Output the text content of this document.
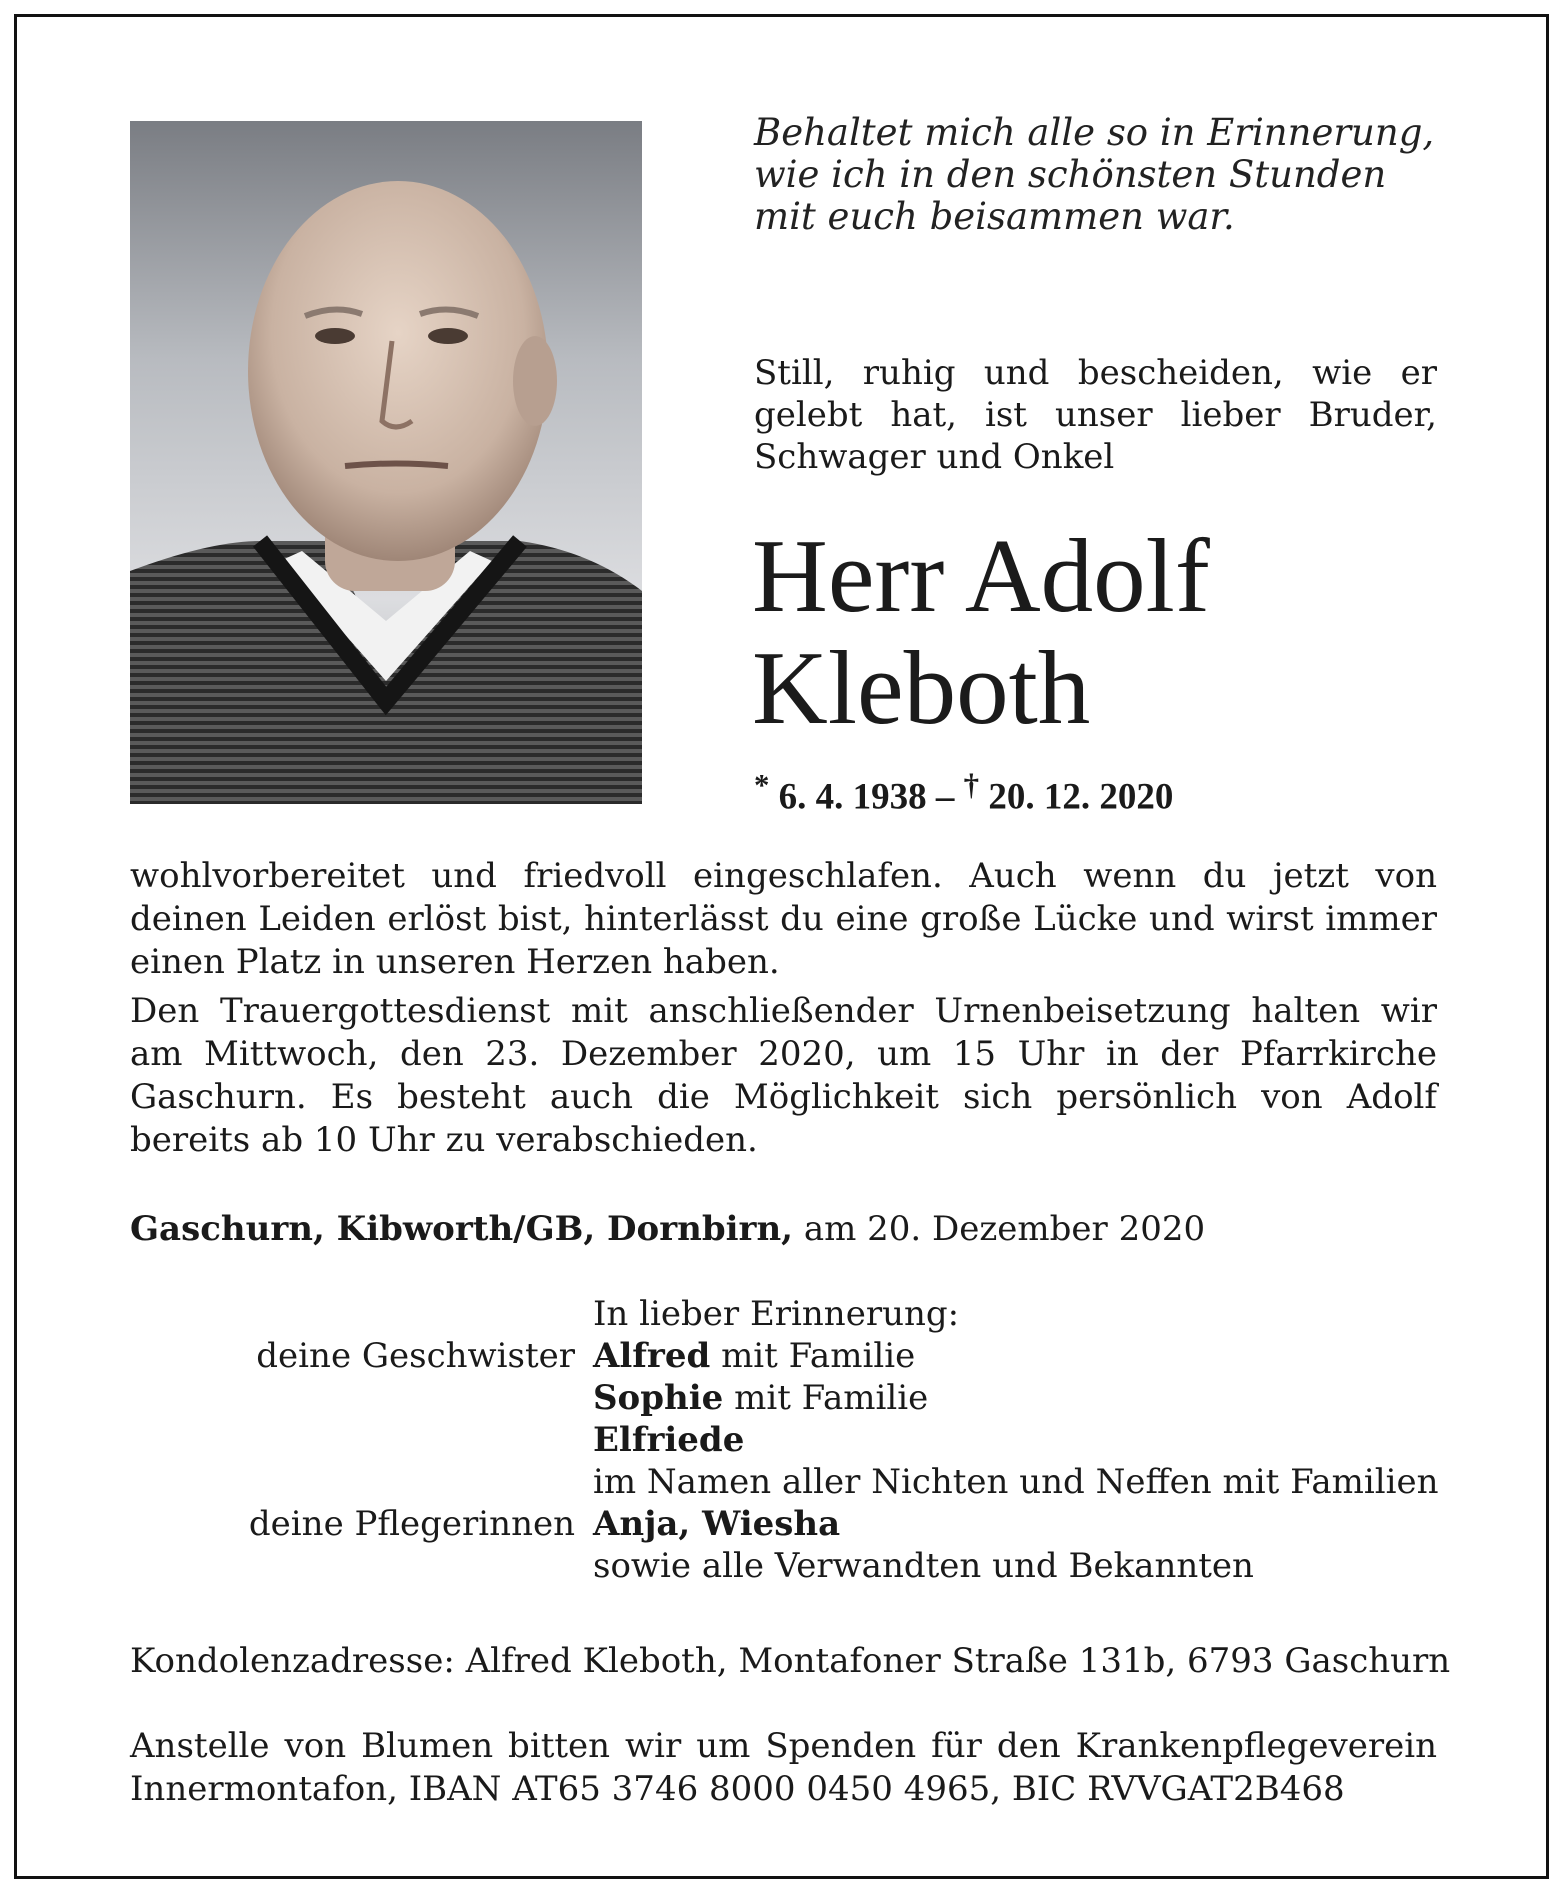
Behaltet mich alle so in Erinnerung,
wie ich in den schönsten Stunden
mit euch beisammen war.
Still, ruhig und bescheiden, wie er gelebt hat, ist unser lieber Bruder, Schwager und Onkel
Herr Adolf
Kleboth
* 6. 4. 1938 – † 20. 12. 2020

wohlvorbereitet und friedvoll eingeschlafen. Auch wenn du jetzt von deinen Leiden erlöst bist, hinterlässt du eine große Lücke und wirst immer einen Platz in unseren Herzen haben.

Den Trauergottesdienst mit anschließender Urnenbeisetzung halten wir am Mittwoch, den 23. Dezember 2020, um 15 Uhr in der Pfarrkirche Gaschurn. Es besteht auch die Möglichkeit sich persönlich von Adolf bereits ab 10 Uhr zu verabschieden.

Gaschurn, Kibworth/GB, Dornbirn, am 20. Dezember 2020

deine Geschwister

deine Pflegerinnen
In lieber Erinnerung:
Alfred mit Familie
Sophie mit Familie
Elfriede
im Namen aller Nichten und Neffen mit Familien
Anja, Wiesha
sowie alle Verwandten und Bekannten
Kondolenzadresse: Alfred Kleboth, Montafoner Straße 131b, 6793 Gaschurn
Anstelle von Blumen bitten wir um Spenden für den Krankenpflegeverein Innermontafon, IBAN AT65 3746 8000 0450 4965, BIC RVVGAT2B468
